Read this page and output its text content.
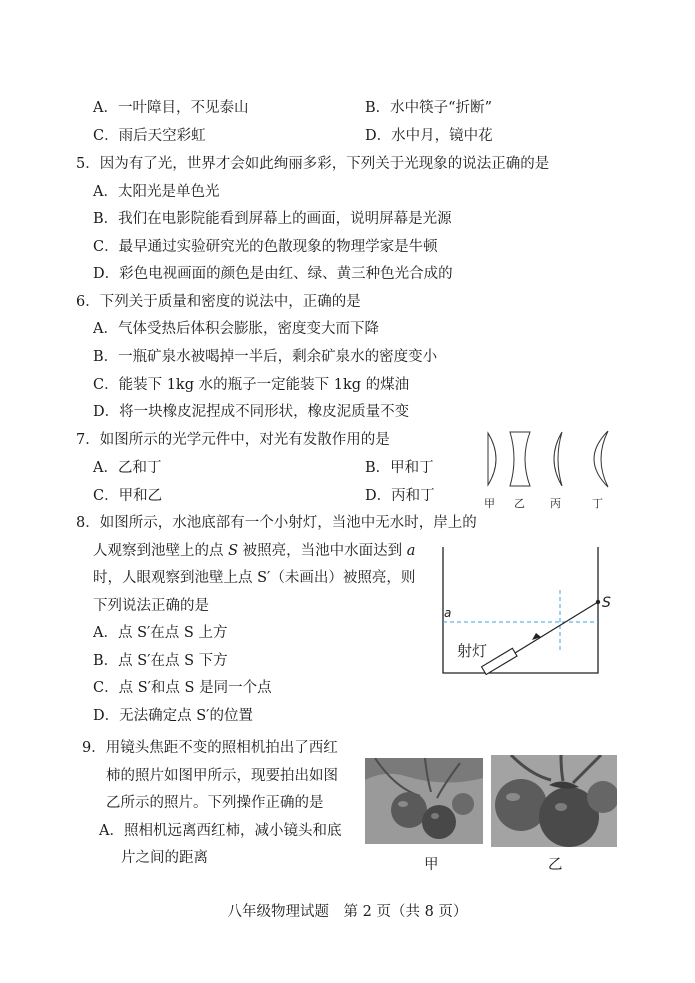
A．一叶障目，不见泰山	B．水中筷子“折断”
C．雨后天空彩虹	D．水中月，镜中花
5．因为有了光，世界才会如此绚丽多彩，下列关于光现象的说法正确的是
A．太阳光是单色光
B．我们在电影院能看到屏幕上的画面，说明屏幕是光源
C．最早通过实验研究光的色散现象的物理学家是牛顿
D．彩色电视画面的颜色是由红、绿、黄三种色光合成的
6．下列关于质量和密度的说法中，正确的是
A．气体受热后体积会膨胀，密度变大而下降
B．一瓶矿泉水被喝掉一半后，剩余矿泉水的密度变小
C．能装下 1kg 水的瓶子一定能装下 1kg 的煤油
D．将一块橡皮泥捏成不同形状，橡皮泥质量不变
7．如图所示的光学元件中，对光有发散作用的是
A．乙和丁	B．甲和丁
C．甲和乙	D．丙和丁	甲 乙 丙	丁
8．如图所示，水池底部有一个小射灯，当池中无水时，岸上的
人观察到池壁上的点 S 被照亮，当池中水面达到 a
时，人眼观察到池壁上点 S′（未画出）被照亮，则
下列说法正确的是
A．点 S′在点 S 上方
B．点 S′在点 S 下方
C．点 S′和点 S 是同一个点
D．无法确定点 S′的位置
a
S
射灯
9．用镜头焦距不变的照相机拍出了西红
柿的照片如图甲所示，现要拍出如图
乙所示的照片。下列操作正确的是
A．照相机远离西红柿，减小镜头和底
片之间的距离	甲	乙
八年级物理试题　第 2 页（共 8 页）
